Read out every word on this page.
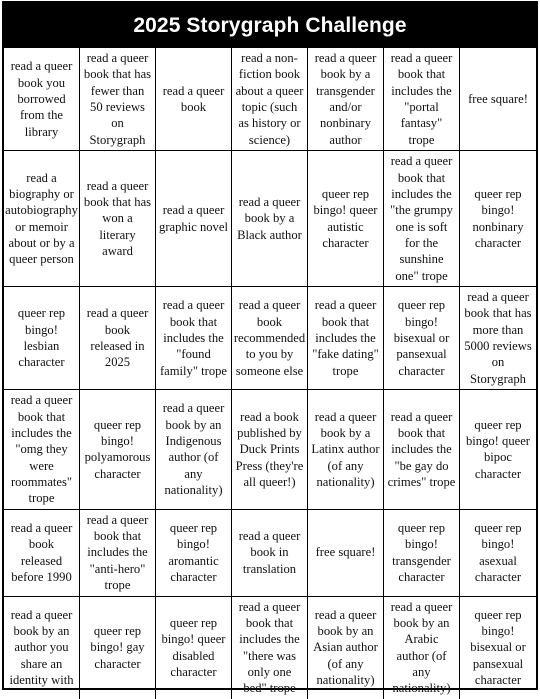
2025 Storygraph Challenge
read a queer book you borrowed from the library
read a queer book that has fewer than 50 reviews on Storygraph
read a queer book
read a non-fiction book about a queer topic (such as history or science)
read a queer book by a transgender and/or nonbinary author
read a queer book that includes the "portal fantasy" trope
free square!
read a biography or autobiography or memoir about or by a queer person
read a queer book that has won a literary award
read a queer graphic novel
read a queer book by a Black author
queer rep bingo! queer autistic character
read a queer book that includes the "the grumpy one is soft for the sunshine one" trope
queer rep bingo! nonbinary character
queer rep bingo! lesbian character
read a queer book released in 2025
read a queer book that includes the "found family" trope
read a queer book recommended to you by someone else
read a queer book that includes the "fake dating" trope
queer rep bingo! bisexual or pansexual character
read a queer book that has more than 5000 reviews on Storygraph
read a queer book that includes the "omg they were roommates" trope
queer rep bingo! polyamorous character
read a queer book by an Indigenous author (of any nationality)
read a book published by Duck Prints Press (they're all queer!)
read a queer book by a Latinx author (of any nationality)
read a queer book that includes the "be gay do crimes" trope
queer rep bingo! queer bipoc character
read a queer book released before 1990
read a queer book that includes the "anti-hero" trope
queer rep bingo! aromantic character
read a queer book in translation
free square!
queer rep bingo! transgender character
queer rep bingo! asexual character
read a queer book by an author you share an identity with
queer rep bingo! gay character
queer rep bingo! queer disabled character
read a queer book that includes the "there was only one bed" trope
read a queer book by an Asian author (of any nationality)
read a queer book by an Arabic author (of any nationality)
queer rep bingo! bisexual or pansexual character
